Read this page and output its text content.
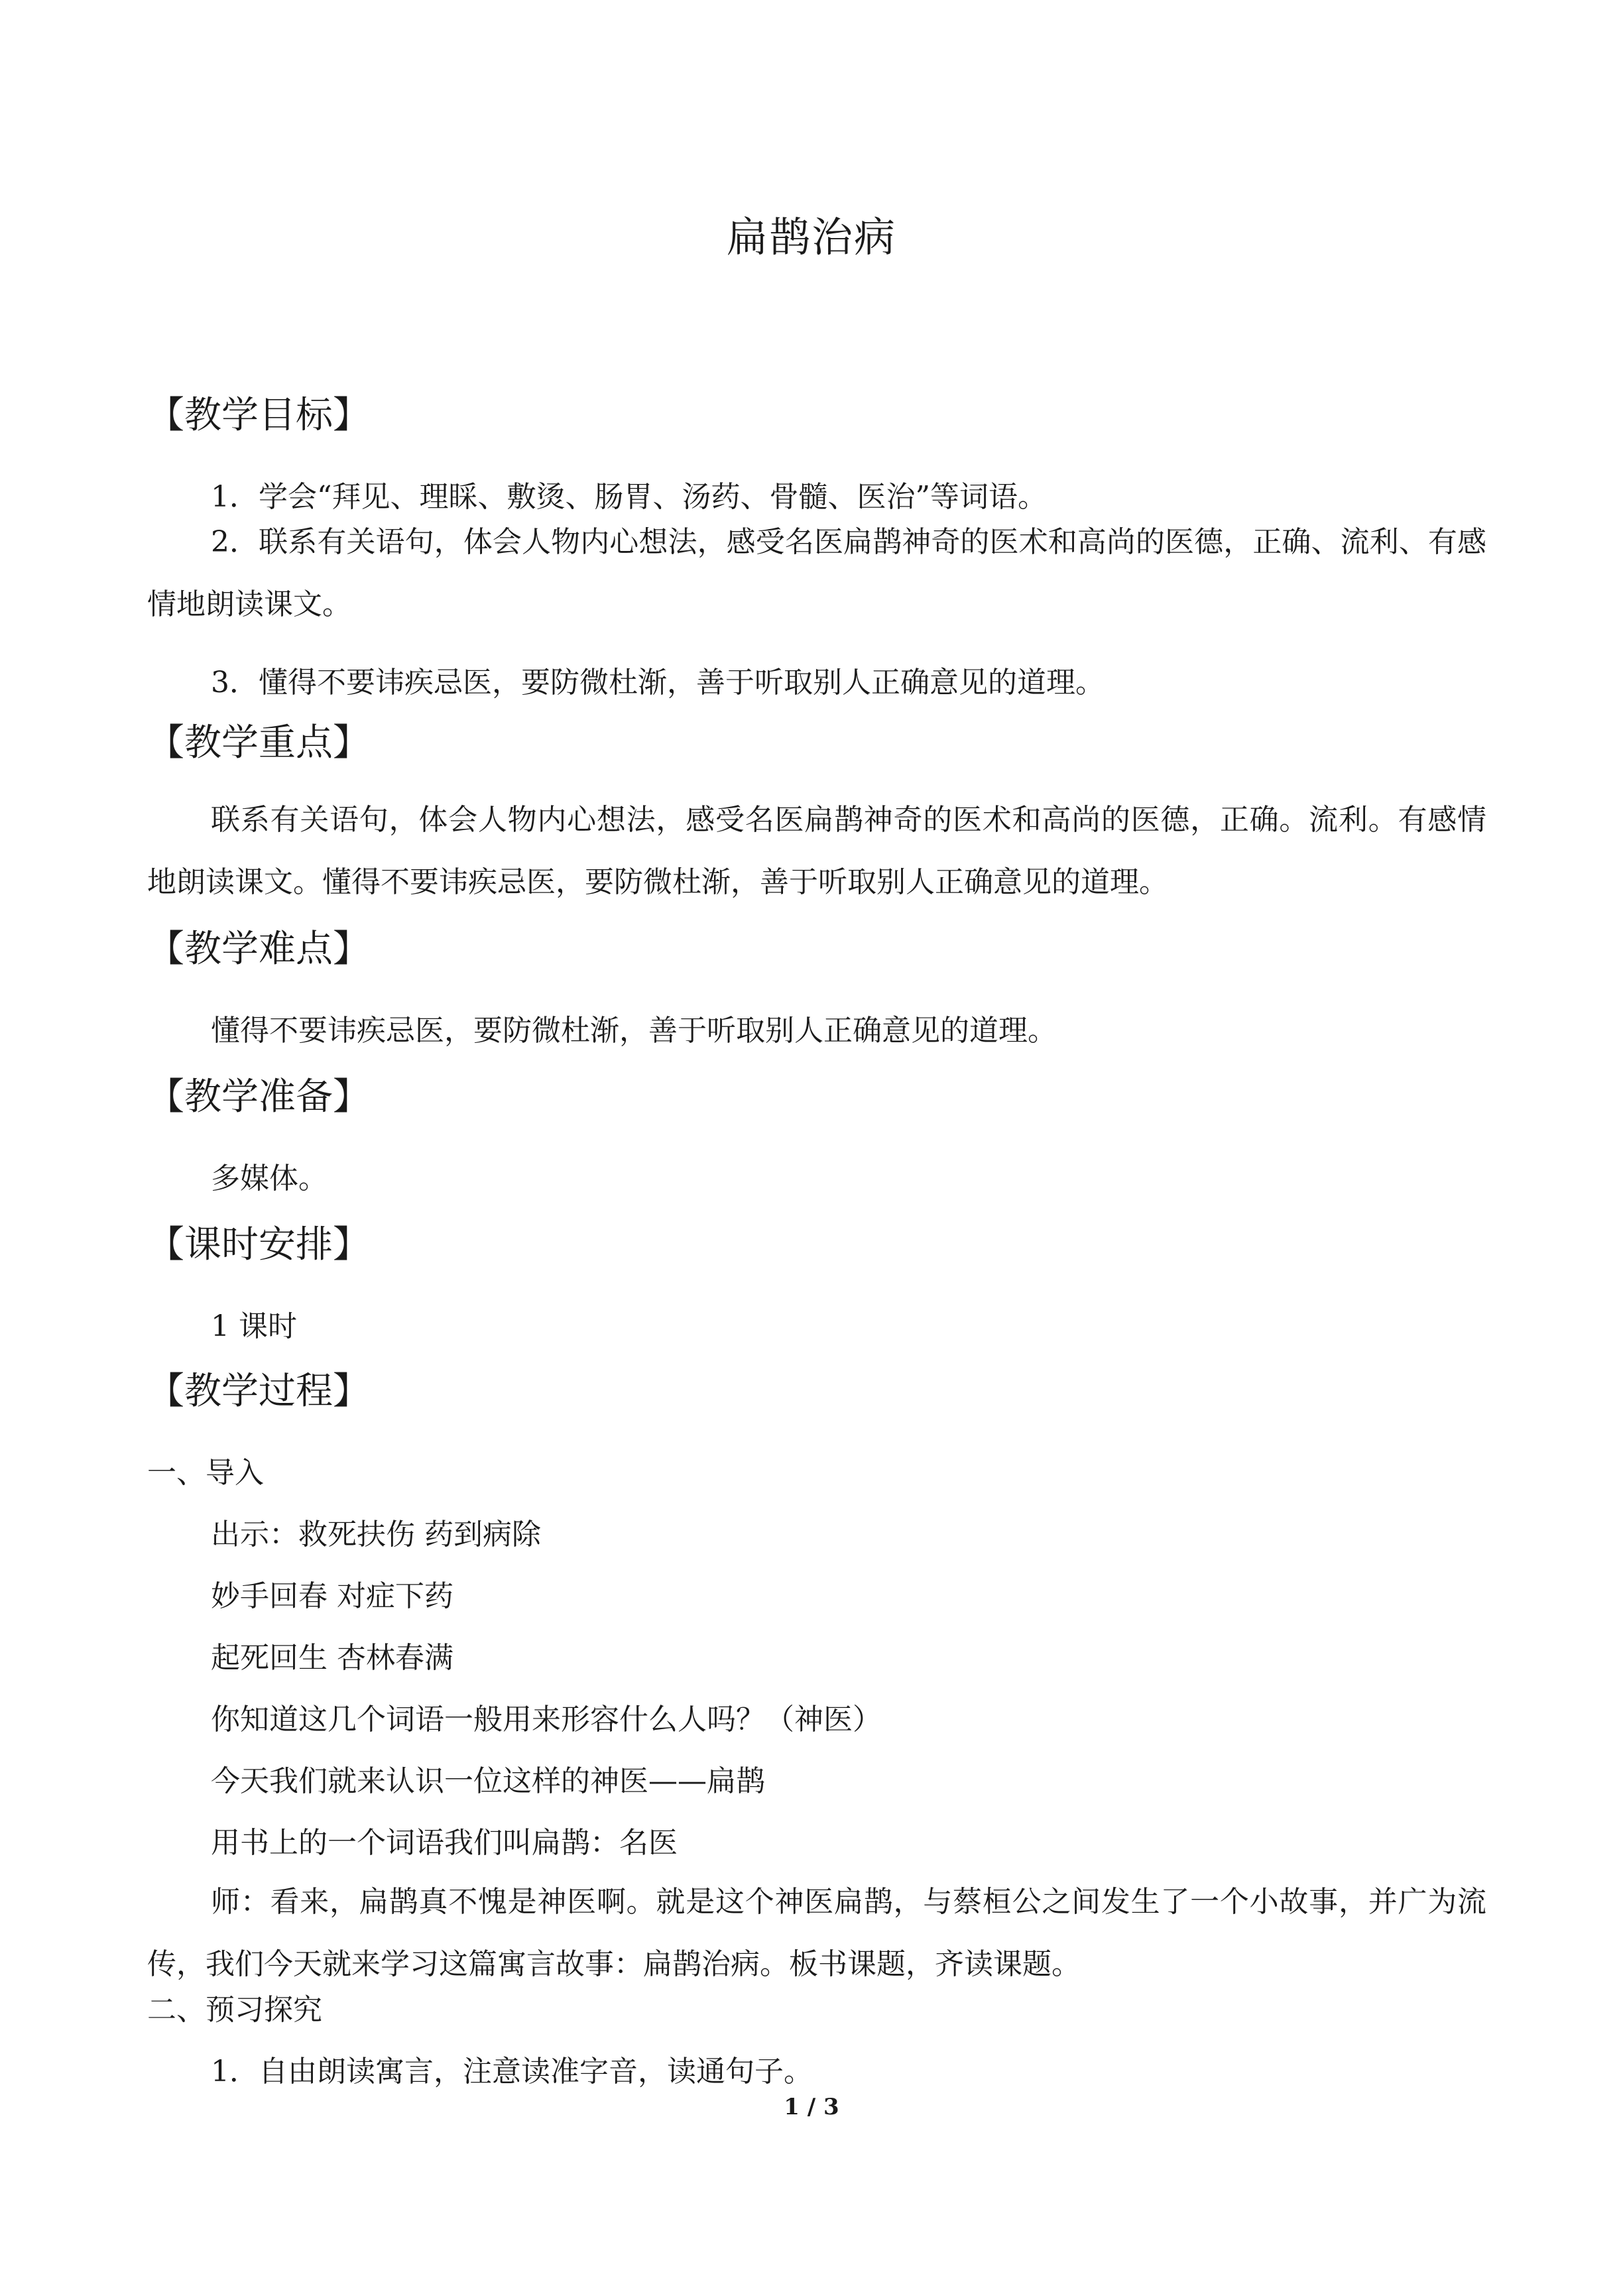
扁鹊治病
【教学目标】
1．学会“拜见、理睬、敷烫、肠胃、汤药、骨髓、医治”等词语。
2．联系有关语句，体会人物内心想法，感受名医扁鹊神奇的医术和高尚的医德，正确、流利、有感情地朗读课文。
3．懂得不要讳疾忌医，要防微杜渐，善于听取别人正确意见的道理。
【教学重点】
联系有关语句，体会人物内心想法，感受名医扁鹊神奇的医术和高尚的医德，正确。流利。有感情地朗读课文。懂得不要讳疾忌医，要防微杜渐，善于听取别人正确意见的道理。
【教学难点】
懂得不要讳疾忌医，要防微杜渐，善于听取别人正确意见的道理。
【教学准备】
多媒体。
【课时安排】
1 课时
【教学过程】
一、导入
出示：救死扶伤 药到病除
妙手回春 对症下药
起死回生 杏林春满
你知道这几个词语一般用来形容什么人吗？（神医）
今天我们就来认识一位这样的神医——扁鹊
用书上的一个词语我们叫扁鹊：名医
师：看来，扁鹊真不愧是神医啊。就是这个神医扁鹊，与蔡桓公之间发生了一个小故事，并广为流传，我们今天就来学习这篇寓言故事：扁鹊治病。板书课题，齐读课题。
二、预习探究
1．自由朗读寓言，注意读准字音，读通句子。
1 / 3
